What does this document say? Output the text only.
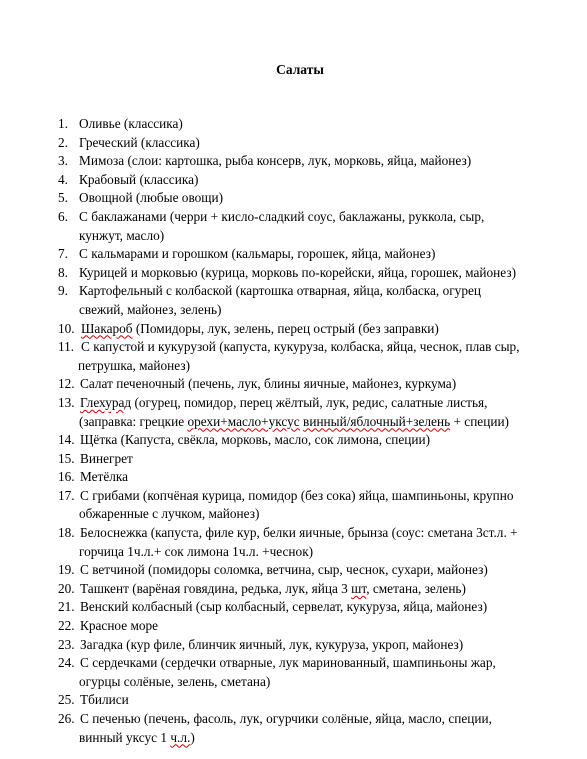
Салаты
1. Оливье (классика)
2. Греческий (классика)
3. Мимоза (слои: картошка, рыба консерв, лук, морковь, яйца, майонез)
4. Крабовый (классика)
5. Овощной (любые овощи)
6. С баклажанами (черри + кисло-сладкий соус, баклажаны, руккола, сыр,
кунжут, масло)
7. С кальмарами и горошком (кальмары, горошек, яйца, майонез)
8. Курицей и морковью (курица, морковь по-корейски, яйца, горошек, майонез)
9. Картофельный с колбаской (картошка отварная, яйца, колбаска, огурец
свежий, майонез, зелень)
10. Шакароб (Помидоры, лук, зелень, перец острый (без заправки)
11. С капустой и кукурузой (капуста, кукуруза, колбаска, яйца, чеснок, плав сыр,
петрушка, майонез)
12. Салат печеночный (печень, лук, блины яичные, майонез, куркума)
13. Глехурад (огурец, помидор, перец жёлтый, лук, редис, салатные листья,
(заправка: грецкие орехи+масло+уксус винный/яблочный+зелень + специи)
14. Щётка (Капуста, свёкла, морковь, масло, сок лимона, специи)
15. Винегрет
16. Метёлка
17. С грибами (копчёная курица, помидор (без сока) яйца, шампиньоны, крупно
обжаренные с лучком, майонез)
18. Белоснежка (капуста, филе кур, белки яичные, брынза (соус: сметана 3ст.л. +
горчица 1ч.л.+ сок лимона 1ч.л. +чеснок)
19. С ветчиной (помидоры соломка, ветчина, сыр, чеснок, сухари, майонез)
20. Ташкент (варёная говядина, редька, лук, яйца 3 шт, сметана, зелень)
21. Венский колбасный (сыр колбасный, сервелат, кукуруза, яйца, майонез)
22. Красное море
23. Загадка (кур филе, блинчик яичный, лук, кукуруза, укроп, майонез)
24. С сердечками (сердечки отварные, лук маринованный, шампиньоны жар,
огурцы солёные, зелень, сметана)
25. Тбилиси
26. С печенью (печень, фасоль, лук, огурчики солёные, яйца, масло, специи,
винный уксус 1 ч.л.)
